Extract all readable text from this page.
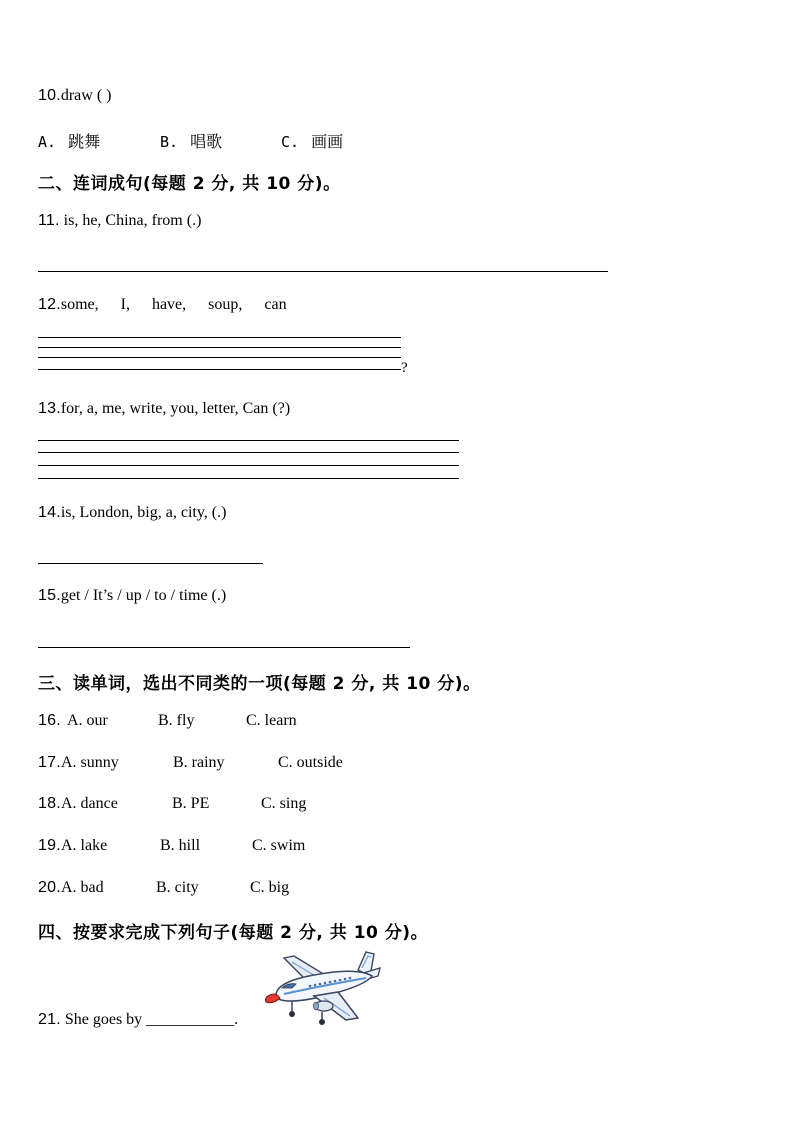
10.draw ( )
A. 跳舞	B. 唱歌	C. 画画
二、连词成句(每题 2 分, 共 10 分)。
11. is, he, China, from (.)
12.some, I, have, soup, can
?
13.for, a, me, write, you, letter, Can (?)
14.is, London, big, a, city, (.)
15.get / It’s / up / to / time (.)
三、读单词，选出不同类的一项(每题 2 分, 共 10 分)。
16. A. our	B. fly	C. learn
17. A. sunny	B. rainy	C. outside
18. A. dance	B. PE	C. sing
19. A. lake	B. hill	C. swim
20. A. bad	B. city	C. big
四、按要求完成下列句子(每题 2 分, 共 10 分)。
21. She goes by ___________.
